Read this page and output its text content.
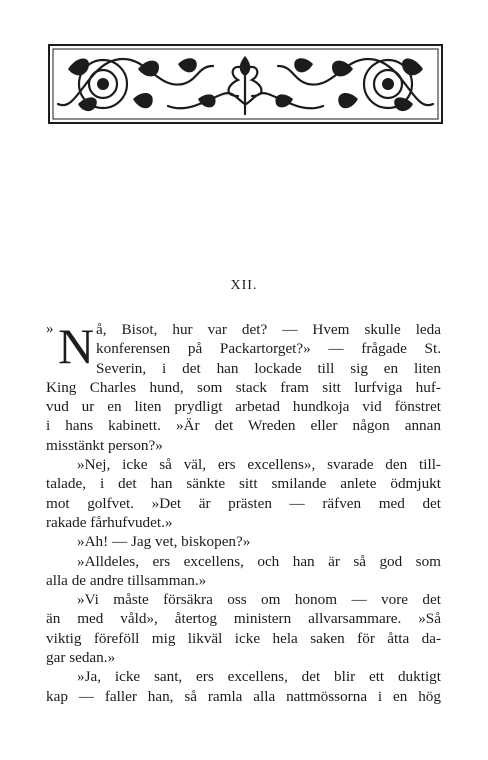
XII.
» N å, Bisot, hur var det? — Hvem skulle leda
konferensen på Packartorget?» — frågade St.
Severin, i det han lockade till sig en liten
King Charles hund, som stack fram sitt lurfviga huf-
vud ur en liten prydligt arbetad hundkoja vid fönstret
i hans kabinett. »Är det Wreden eller någon annan
misstänkt person?»
»Nej, icke så väl, ers excellens», svarade den till-
talade, i det han sänkte sitt smilande anlete ödmjukt
mot golfvet. »Det är prästen — räfven med det
rakade fårhufvudet.»
»Ah! — Jag vet, biskopen?»
»Alldeles, ers excellens, och han är så god som
alla de andre tillsamman.»
»Vi måste försäkra oss om honom — vore det
än med våld», återtog ministern allvarsammare. »Så
viktig föreföll mig likväl icke hela saken för åtta da-
gar sedan.»
»Ja, icke sant, ers excellens, det blir ett duktigt
kap — faller han, så ramla alla nattmössorna i en hög
